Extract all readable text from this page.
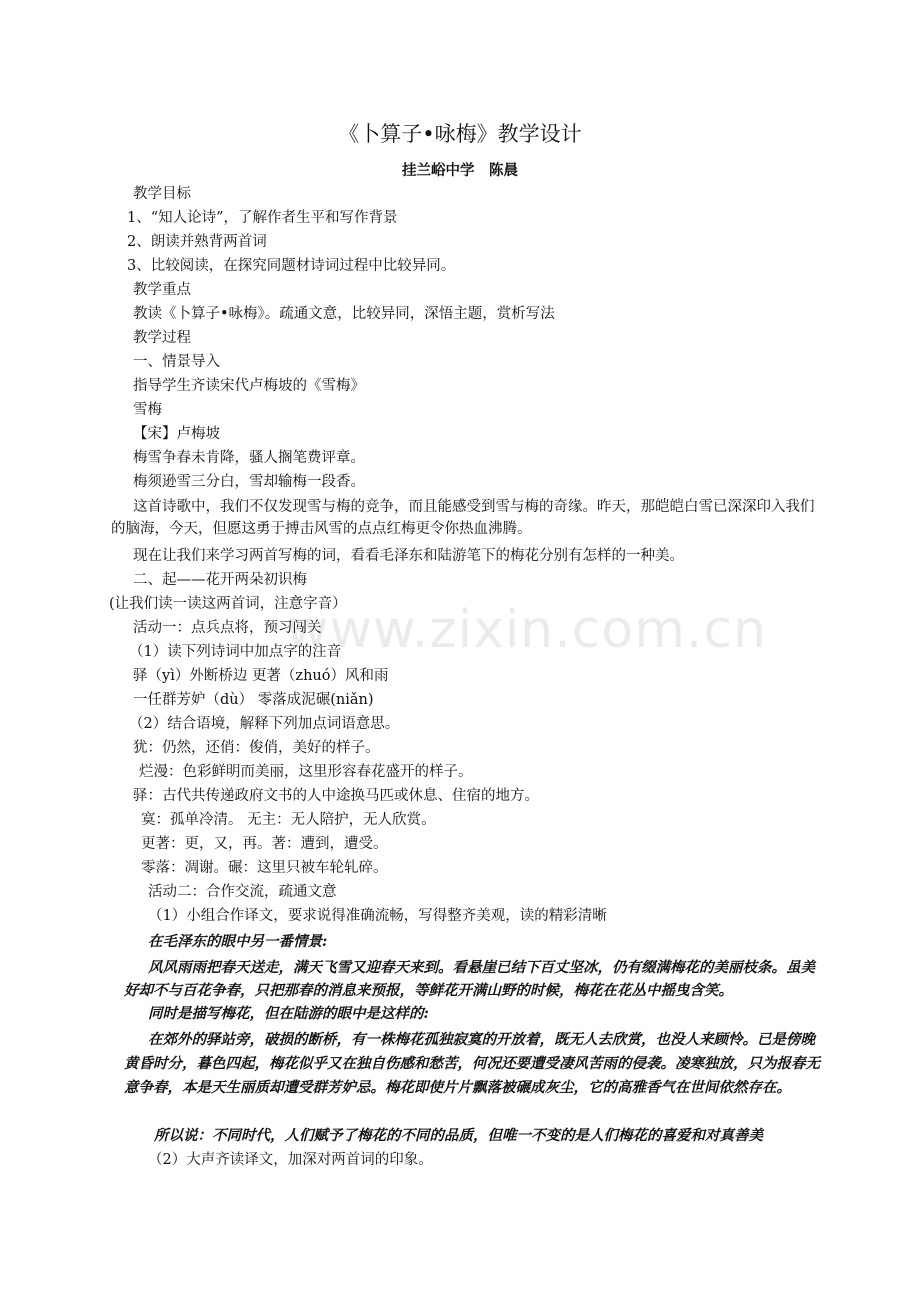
《卜算子•咏梅》教学设计
挂兰峪中学　陈晨
教学目标
1、“知人论诗”，了解作者生平和写作背景
2、朗读并熟背两首词
3、比较阅读，在探究同题材诗词过程中比较异同。
教学重点
教读《卜算子•咏梅》。疏通文意，比较异同，深悟主题，赏析写法
教学过程
一、情景导入
指导学生齐读宋代卢梅坡的《雪梅》
雪梅
【宋】卢梅坡
梅雪争春未肯降，骚人搁笔费评章。
梅须逊雪三分白，雪却输梅一段香。
这首诗歌中，我们不仅发现雪与梅的竞争，而且能感受到雪与梅的奇缘。昨天，那皑皑白雪已深深印入我们的脑海，今天，但愿这勇于搏击风雪的点点红梅更令你热血沸腾。
现在让我们来学习两首写梅的词，看看毛泽东和陆游笔下的梅花分别有怎样的一种美。
二、起——花开两朵初识梅
(让我们读一读这两首词，注意字音）
活动一：点兵点将，预习闯关
（1）读下列诗词中加点字的注音
驿（yì）外断桥边 更著（zhuó）风和雨
一任群芳妒（dù） 零落成泥碾(niǎn)
（2）结合语境，解释下列加点词语意思。
犹：仍然，还俏：俊俏，美好的样子。
烂漫：色彩鲜明而美丽，这里形容春花盛开的样子。
驿：古代共传递政府文书的人中途换马匹或休息、住宿的地方。
寞：孤单冷清。 无主：无人陪护，无人欣赏。
更著：更，又，再。著：遭到，遭受。
零落：凋谢。碾：这里只被车轮轧碎。
活动二：合作交流，疏通文意
（1）小组合作译文，要求说得准确流畅，写得整齐美观，读的精彩清晰
在毛泽东的眼中另一番情景:
风风雨雨把春天送走，满天飞雪又迎春天来到。看悬崖已结下百丈坚冰，仍有缀满梅花的美丽枝条。虽美好却不与百花争春，只把那春的消息来预报，等鲜花开满山野的时候，梅花在花丛中摇曳含笑。
同时是描写梅花，但在陆游的眼中是这样的:
在郊外的驿站旁，破损的断桥，有一株梅花孤独寂寞的开放着，既无人去欣赏，也没人来顾怜。已是傍晚黄昏时分，暮色四起，梅花似乎又在独自伤感和愁苦，何况还要遭受凄风苦雨的侵袭。凌寒独放，只为报春无意争春，本是天生丽质却遭受群芳妒忌。梅花即使片片飘落被碾成灰尘，它的高雅香气在世间依然存在。
所以说：不同时代，人们赋予了梅花的不同的品质，但唯一不变的是人们梅花的喜爱和对真善美
（2）大声齐读译文，加深对两首词的印象。
www.zixin.com.cn
